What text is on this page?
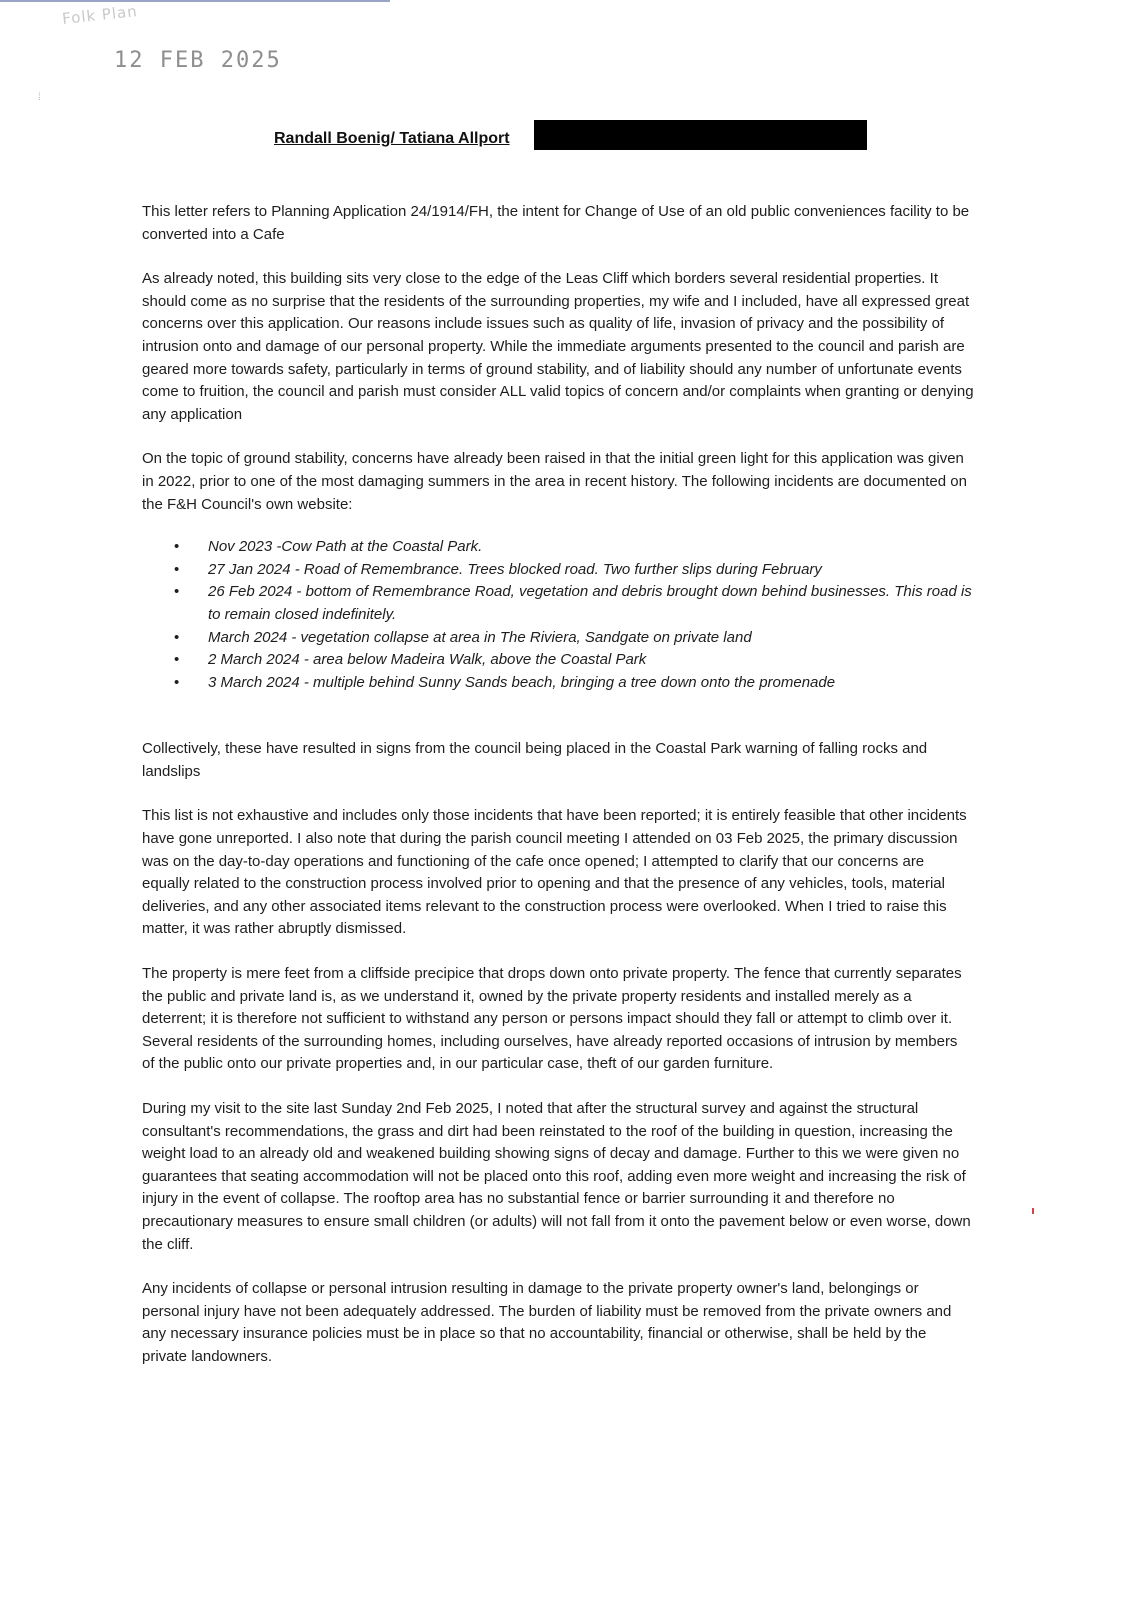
Folk Plan
12 FEB 2025
⁞
Randall Boenig/ Tatiana Allport

This letter refers to Planning Application 24/1914/FH, the intent for Change of Use of an old public conveniences facility to be converted into a Cafe

As already noted, this building sits very close to the edge of the Leas Cliff which borders several residential properties. It should come as no surprise that the residents of the surrounding properties, my wife and I included, have all expressed great concerns over this application. Our reasons include issues such as quality of life, invasion of privacy and the possibility of intrusion onto and damage of our personal property. While the immediate arguments presented to the council and parish are geared more towards safety, particularly in terms of ground stability, and of liability should any number of unfortunate events come to fruition, the council and parish must consider ALL valid topics of concern and/or complaints when granting or denying any application

On the topic of ground stability, concerns have already been raised in that the initial green light for this application was given in 2022, prior to one of the most damaging summers in the area in recent history. The following incidents are documented on the F&H Council's own website:

• Nov 2023 -Cow Path at the Coastal Park.
• 27 Jan 2024 - Road of Remembrance. Trees blocked road. Two further slips during February
• 26 Feb 2024 - bottom of Remembrance Road, vegetation and debris brought down behind businesses. This road is to remain closed indefinitely.
• March 2024 - vegetation collapse at area in The Riviera, Sandgate on private land
• 2 March 2024 - area below Madeira Walk, above the Coastal Park
• 3 March 2024 - multiple behind Sunny Sands beach, bringing a tree down onto the promenade

Collectively, these have resulted in signs from the council being placed in the Coastal Park warning of falling rocks and landslips

This list is not exhaustive and includes only those incidents that have been reported; it is entirely feasible that other incidents have gone unreported. I also note that during the parish council meeting I attended on 03 Feb 2025, the primary discussion was on the day-to-day operations and functioning of the cafe once opened; I attempted to clarify that our concerns are equally related to the construction process involved prior to opening and that the presence of any vehicles, tools, material deliveries, and any other associated items relevant to the construction process were overlooked. When I tried to raise this matter, it was rather abruptly dismissed.

The property is mere feet from a cliffside precipice that drops down onto private property. The fence that currently separates the public and private land is, as we understand it, owned by the private property residents and installed merely as a deterrent; it is therefore not sufficient to withstand any person or persons impact should they fall or attempt to climb over it. Several residents of the surrounding homes, including ourselves, have already reported occasions of intrusion by members of the public onto our private properties and, in our particular case, theft of our garden furniture.

During my visit to the site last Sunday 2nd Feb 2025, I noted that after the structural survey and against the structural consultant's recommendations, the grass and dirt had been reinstated to the roof of the building in question, increasing the weight load to an already old and weakened building showing signs of decay and damage. Further to this we were given no guarantees that seating accommodation will not be placed onto this roof, adding even more weight and increasing the risk of injury in the event of collapse. The rooftop area has no substantial fence or barrier surrounding it and therefore no precautionary measures to ensure small children (or adults) will not fall from it onto the pavement below or even worse, down the cliff.

Any incidents of collapse or personal intrusion resulting in damage to the private property owner's land, belongings or personal injury have not been adequately addressed. The burden of liability must be removed from the private owners and any necessary insurance policies must be in place so that no accountability, financial or otherwise, shall be held by the private landowners.
